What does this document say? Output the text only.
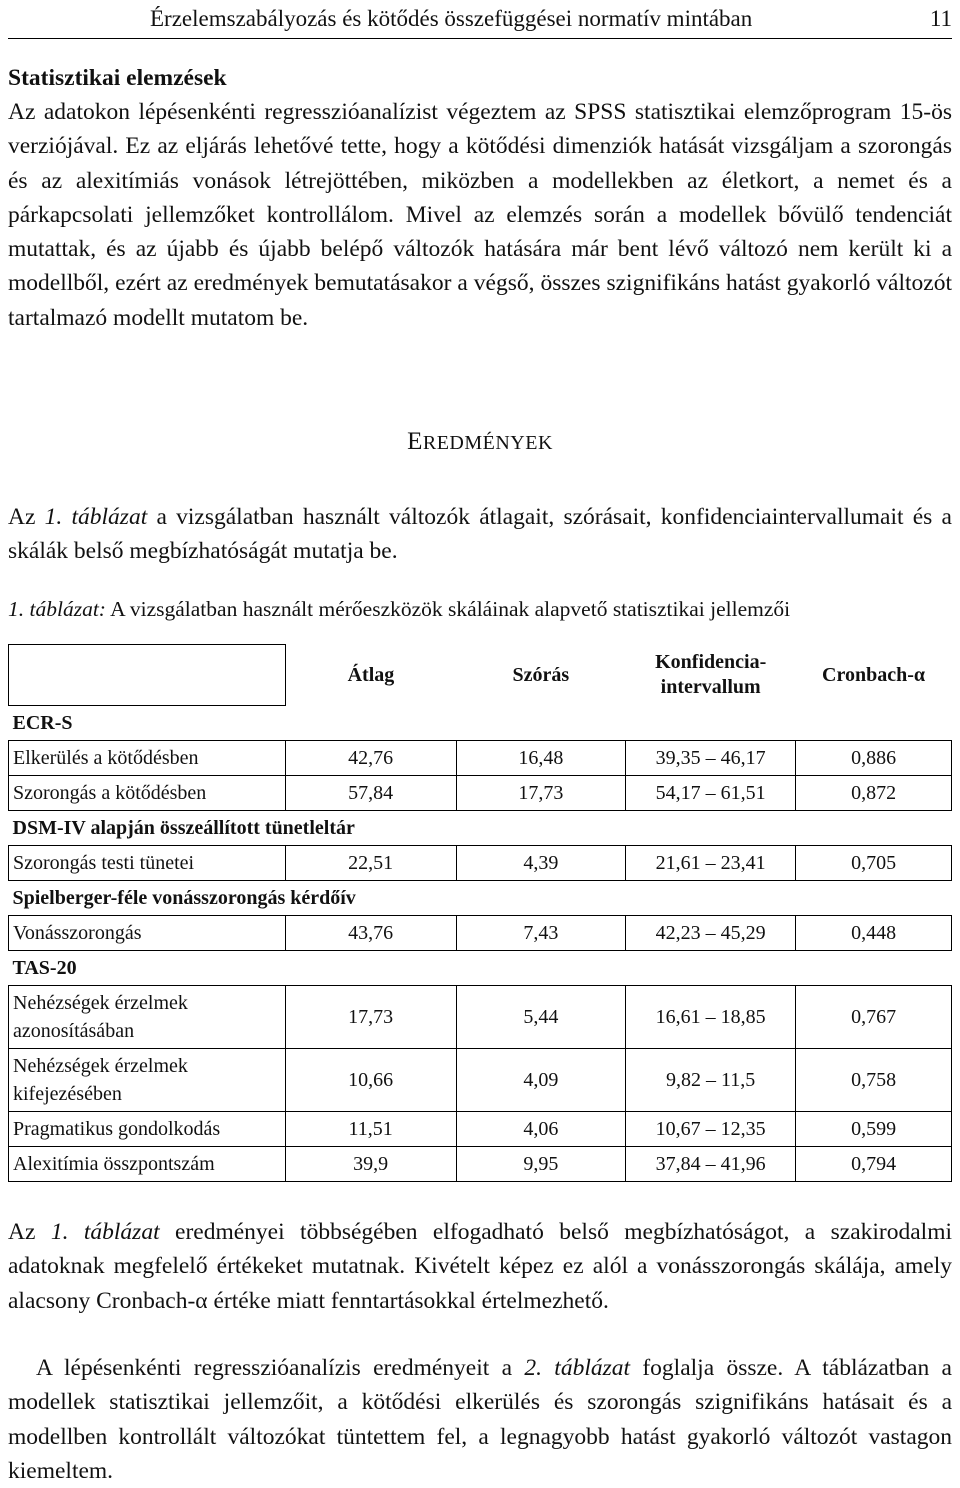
Érzelemszabályozás és kötődés összefüggései normatív mintában	11
Statisztikai elemzések
Az adatokon lépésenkénti regresszióanalízist végeztem az SPSS statisztikai elemzőprogram 15-ös verziójával. Ez az eljárás lehetővé tette, hogy a kötődési dimenziók hatását vizsgáljam a szorongás és az alexitímiás vonások létrejöttében, miközben a modellekben az életkort, a nemet és a párkapcsolati jellemzőket kontrollálom. Mivel az elemzés során a modellek bővülő tendenciát mutattak, és az újabb és újabb belépő változók hatására már bent lévő változó nem került ki a modellből, ezért az eredmények bemutatásakor a végső, összes szignifikáns hatást gyakorló változót tartalmazó modellt mutatom be.
EREDMÉNYEK
Az 1. táblázat a vizsgálatban használt változók átlagait, szórásait, konfidenciaintervallumait és a skálák belső megbízhatóságát mutatja be.
1. táblázat: A vizsgálatban használt mérőeszközök skáláinak alapvető statisztikai jellemzői
	Átlag	Szórás	Konfidencia-intervallum	Cronbach-α
ECR-S				
Elkerülés a kötődésben	42,76	16,48	39,35 – 46,17	0,886
Szorongás a kötődésben	57,84	17,73	54,17 – 61,51	0,872
DSM-IV alapján összeállított tünetleltár				
Szorongás testi tünetei	22,51	4,39	21,61 – 23,41	0,705
Spielberger-féle vonásszorongás kérdőív				
Vonásszorongás	43,76	7,43	42,23 – 45,29	0,448
TAS-20				
Nehézségek érzelmek azonosításában	17,73	5,44	16,61 – 18,85	0,767
Nehézségek érzelmek kifejezésében	10,66	4,09	9,82 – 11,5	0,758
Pragmatikus gondolkodás	11,51	4,06	10,67 – 12,35	0,599
Alexitímia összpontszám	39,9	9,95	37,84 – 41,96	0,794
Az 1. táblázat eredményei többségében elfogadható belső megbízhatóságot, a szakirodalmi adatoknak megfelelő értékeket mutatnak. Kivételt képez ez alól a vonásszorongás skálája, amely alacsony Cronbach-α értéke miatt fenntartásokkal értelmezhető.
A lépésenkénti regresszióanalízis eredményeit a 2. táblázat foglalja össze. A táblázatban a modellek statisztikai jellemzőit, a kötődési elkerülés és szorongás szignifikáns hatásait és a modellben kontrollált változókat tüntettem fel, a legnagyobb hatást gyakorló változót vastagon kiemeltem.
